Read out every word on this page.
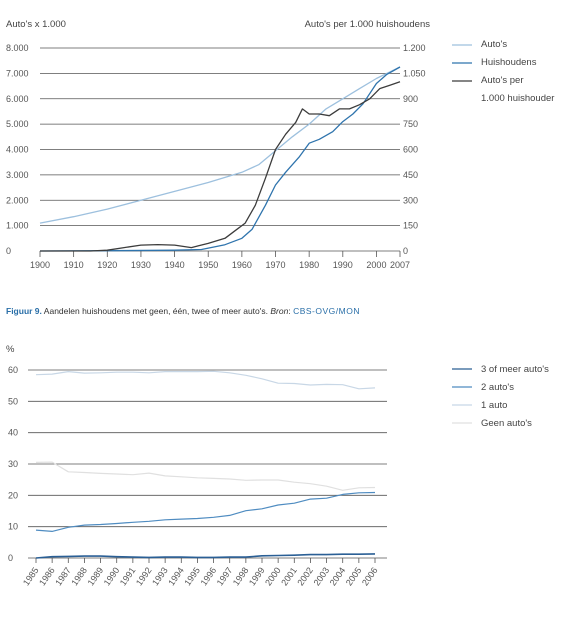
0
1.000
2.000
3.000
4.000
5.000
6.000
7.000
8.000
0
150
300
450
600
750
900
1.050
1.200
1900 1910 1920 1930 1940 1950 1960 1970 1980 1990 2000 2007
Auto's
Huishoudens
Auto's per 1.000 huishouder
Auto's x 1.000	Auto's per 1.000 huishoudens
Figuur 9. Aandelen huishoudens met geen, één, twee of meer auto's. Bron: CBS-OVG/MON
%
0
10
20
30
40
50
60
1985
1986
1987
1988
1989
1990
1991
1992
1993
1994
1995
1996
1997
1998
1999
2000
2001
2002
2003
2004
2005
2006
3 of meer auto's
2 auto's
1 auto
Geen auto's
